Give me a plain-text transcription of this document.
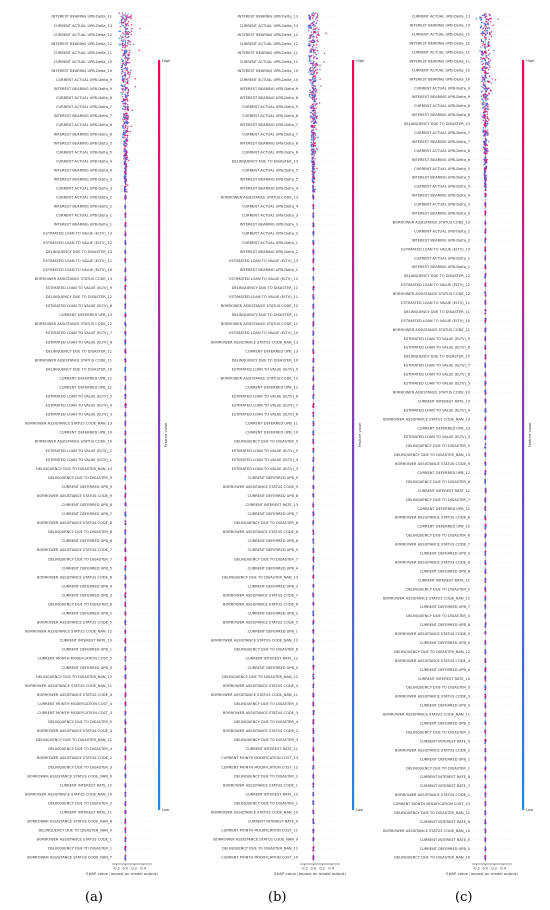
INTEREST BEARING UPB-Delta_11
CURRENT ACTUAL UPB-Delta_13
CURRENT ACTUAL UPB-Delta_12
INTEREST BEARING UPB-Delta_12
CURRENT ACTUAL UPB-Delta_11
CURRENT ACTUAL UPB-Delta_10
INTEREST BEARING UPB-Delta_10
CURRENT ACTUAL UPB-Delta_9
INTEREST BEARING UPB-Delta_9
CURRENT ACTUAL UPB-Delta_8
CURRENT ACTUAL UPB-Delta_7
INTEREST BEARING UPB-Delta_7
CURRENT ACTUAL UPB-Delta_6
INTEREST BEARING UPB-Delta_6
INTEREST BEARING UPB-Delta_5
CURRENT ACTUAL UPB-Delta_5
CURRENT ACTUAL UPB-Delta_4
INTEREST BEARING UPB-Delta_4
INTEREST BEARING UPB-Delta_3
CURRENT ACTUAL UPB-Delta_3
CURRENT ACTUAL UPB-Delta_2
INTEREST BEARING UPB-Delta_2
CURRENT ACTUAL UPB-Delta_1
INTEREST BEARING UPB-Delta_1
ESTIMATED LOAN TO VALUE (ELTV)_13
ESTIMATED LOAN TO VALUE (ELTV)_12
DELINQUENCY DUE TO DISASTER_13
ESTIMATED LOAN TO VALUE (ELTV)_11
ESTIMATED LOAN TO VALUE (ELTV)_10
BORROWER ASSISTANCE STATUS CODE_13
ESTIMATED LOAN TO VALUE (ELTV)_9
DELINQUENCY DUE TO DISASTER_12
ESTIMATED LOAN TO VALUE (ELTV)_8
CURRENT DEFERRED UPB_13
BORROWER ASSISTANCE STATUS CODE_12
ESTIMATED LOAN TO VALUE (ELTV)_7
ESTIMATED LOAN TO VALUE (ELTV)_6
DELINQUENCY DUE TO DISASTER_11
BORROWER ASSISTANCE STATUS CODE_11
DELINQUENCY DUE TO DISASTER_10
CURRENT DEFERRED UPB_12
CURRENT DEFERRED UPB_11
ESTIMATED LOAN TO VALUE (ELTV)_5
ESTIMATED LOAN TO VALUE (ELTV)_4
ESTIMATED LOAN TO VALUE (ELTV)_3
BORROWER ASSISTANCE STATUS CODE_NAN_13
CURRENT DEFERRED UPB_10
BORROWER ASSISTANCE STATUS CODE_10
ESTIMATED LOAN TO VALUE (ELTV)_2
ESTIMATED LOAN TO VALUE (ELTV)_1
DELINQUENCY DUE TO DISASTER_NAN_13
DELINQUENCY DUE TO DISASTER_9
CURRENT DEFERRED UPB_9
BORROWER ASSISTANCE STATUS CODE_9
CURRENT DEFERRED UPB_8
CURRENT DEFERRED UPB_7
BORROWER ASSISTANCE STATUS CODE_8
DELINQUENCY DUE TO DISASTER_8
CURRENT DEFERRED UPB_6
BORROWER ASSISTANCE STATUS CODE_7
DELINQUENCY DUE TO DISASTER_7
CURRENT DEFERRED UPB_5
BORROWER ASSISTANCE STATUS CODE_6
CURRENT DEFERRED UPB_4
CURRENT DEFERRED UPB_3
DELINQUENCY DUE TO DISASTER_6
CURRENT DEFERRED UPB_2
BORROWER ASSISTANCE STATUS CODE_5
BORROWER ASSISTANCE STATUS CODE_NAN_12
CURRENT INTEREST RATE_13
CURRENT DEFERRED UPB_1
CURRENT MONTH MODIFICATION COST_5
CURRENT DEFERRED UPB_0
DELINQUENCY DUE TO DISASTER_NAN_12
BORROWER ASSISTANCE STATUS CODE_NAN_11
BORROWER ASSISTANCE STATUS CODE_4
CURRENT MONTH MODIFICATION COST_4
CURRENT MONTH MODIFICATION COST_3
DELINQUENCY DUE TO DISASTER_5
BORROWER ASSISTANCE STATUS CODE_3
DELINQUENCY DUE TO DISASTER_NAN_11
DELINQUENCY DUE TO DISASTER_4
BORROWER ASSISTANCE STATUS CODE_2
DELINQUENCY DUE TO DISASTER_3
BORROWER ASSISTANCE STATUS CODE_NAN_9
CURRENT INTEREST RATE_12
BORROWER ASSISTANCE STATUS CODE_NAN_10
DELINQUENCY DUE TO DISASTER_2
CURRENT INTEREST RATE_11
BORROWER ASSISTANCE STATUS CODE_NAN_8
DELINQUENCY DUE TO DISASTER_NAN_9
BORROWER ASSISTANCE STATUS CODE_1
DELINQUENCY DUE TO DISASTER_1
BORROWER ASSISTANCE STATUS CODE_NAN_7
-0.2 0.0 0.2 0.4
SHAP value (impact on model output)
High
Low
Feature value
INTEREST BEARING UPB-Delta_13
CURRENT ACTUAL UPB-Delta_13
INTEREST BEARING UPB-Delta_12
CURRENT ACTUAL UPB-Delta_12
INTEREST BEARING UPB-Delta_11
CURRENT ACTUAL UPB-Delta_11
INTEREST BEARING UPB-Delta_10
CURRENT ACTUAL UPB-Delta_10
INTEREST BEARING UPB-Delta_9
INTEREST BEARING UPB-Delta_8
CURRENT ACTUAL UPB-Delta_9
CURRENT ACTUAL UPB-Delta_8
INTEREST BEARING UPB-Delta_7
CURRENT ACTUAL UPB-Delta_7
INTEREST BEARING UPB-Delta_6
CURRENT ACTUAL UPB-Delta_6
DELINQUENCY DUE TO DISASTER_13
CURRENT ACTUAL UPB-Delta_5
INTEREST BEARING UPB-Delta_5
INTEREST BEARING UPB-Delta_4
BORROWER ASSISTANCE STATUS CODE_13
CURRENT ACTUAL UPB-Delta_4
CURRENT ACTUAL UPB-Delta_3
INTEREST BEARING UPB-Delta_3
CURRENT ACTUAL UPB-Delta_2
CURRENT ACTUAL UPB-Delta_1
INTEREST BEARING UPB-Delta_2
ESTIMATED LOAN TO VALUE (ELTV)_13
INTEREST BEARING UPB-Delta_1
ESTIMATED LOAN TO VALUE (ELTV)_12
DELINQUENCY DUE TO DISASTER_12
ESTIMATED LOAN TO VALUE (ELTV)_11
BORROWER ASSISTANCE STATUS CODE_12
DELINQUENCY DUE TO DISASTER_11
BORROWER ASSISTANCE STATUS CODE_11
ESTIMATED LOAN TO VALUE (ELTV)_10
BORROWER ASSISTANCE STATUS CODE_NAN_13
CURRENT DEFERRED UPB_13
DELINQUENCY DUE TO DISASTER_10
ESTIMATED LOAN TO VALUE (ELTV)_9
BORROWER ASSISTANCE STATUS CODE_10
CURRENT DEFERRED UPB_12
ESTIMATED LOAN TO VALUE (ELTV)_8
ESTIMATED LOAN TO VALUE (ELTV)_7
ESTIMATED LOAN TO VALUE (ELTV)_6
CURRENT DEFERRED UPB_11
CURRENT DEFERRED UPB_10
DELINQUENCY DUE TO DISASTER_9
ESTIMATED LOAN TO VALUE (ELTV)_5
ESTIMATED LOAN TO VALUE (ELTV)_4
ESTIMATED LOAN TO VALUE (ELTV)_3
CURRENT DEFERRED UPB_9
BORROWER ASSISTANCE STATUS CODE_9
CURRENT DEFERRED UPB_8
CURRENT INTEREST RATE_13
CURRENT DEFERRED UPB_7
DELINQUENCY DUE TO DISASTER_8
BORROWER ASSISTANCE STATUS CODE_8
CURRENT DEFERRED UPB_6
CURRENT DEFERRED UPB_5
DELINQUENCY DUE TO DISASTER_7
CURRENT DEFERRED UPB_4
DELINQUENCY DUE TO DISASTER_NAN_13
CURRENT DEFERRED UPB_3
BORROWER ASSISTANCE STATUS CODE_7
BORROWER ASSISTANCE STATUS CODE_6
CURRENT DEFERRED UPB_2
BORROWER ASSISTANCE STATUS CODE_5
CURRENT DEFERRED UPB_1
BORROWER ASSISTANCE STATUS CODE_NAN_12
DELINQUENCY DUE TO DISASTER_6
CURRENT INTEREST RATE_12
CURRENT DEFERRED UPB_0
DELINQUENCY DUE TO DISASTER_NAN_12
BORROWER ASSISTANCE STATUS CODE_4
BORROWER ASSISTANCE STATUS CODE_NAN_11
DELINQUENCY DUE TO DISASTER_5
BORROWER ASSISTANCE STATUS CODE_3
DELINQUENCY DUE TO DISASTER_4
BORROWER ASSISTANCE STATUS CODE_2
DELINQUENCY DUE TO DISASTER_3
CURRENT INTEREST RATE_11
CURRENT MONTH MODIFICATION COST_13
CURRENT MONTH MODIFICATION COST_12
DELINQUENCY DUE TO DISASTER_2
BORROWER ASSISTANCE STATUS CODE_1
CURRENT INTEREST RATE_10
DELINQUENCY DUE TO DISASTER_1
BORROWER ASSISTANCE STATUS CODE_NAN_10
CURRENT INTEREST RATE_9
CURRENT MONTH MODIFICATION COST_11
BORROWER ASSISTANCE STATUS CODE_NAN_9
DELINQUENCY DUE TO DISASTER_NAN_11
CURRENT MONTH MODIFICATION COST_10
-0.2 0.0 0.2 0.4
SHAP value (impact on model output)
High
Low
Feature value
CURRENT ACTUAL UPB-Delta_13
INTEREST BEARING UPB-Delta_13
CURRENT ACTUAL UPB-Delta_12
INTEREST BEARING UPB-Delta_12
CURRENT ACTUAL UPB-Delta_11
INTEREST BEARING UPB-Delta_11
CURRENT ACTUAL UPB-Delta_10
INTEREST BEARING UPB-Delta_10
CURRENT ACTUAL UPB-Delta_9
INTEREST BEARING UPB-Delta_9
CURRENT ACTUAL UPB-Delta_8
INTEREST BEARING UPB-Delta_8
DELINQUENCY DUE TO DISASTER_13
CURRENT ACTUAL UPB-Delta_7
INTEREST BEARING UPB-Delta_7
CURRENT ACTUAL UPB-Delta_6
INTEREST BEARING UPB-Delta_6
CURRENT ACTUAL UPB-Delta_5
INTEREST BEARING UPB-Delta_5
CURRENT ACTUAL UPB-Delta_4
INTEREST BEARING UPB-Delta_4
CURRENT ACTUAL UPB-Delta_3
INTEREST BEARING UPB-Delta_3
BORROWER ASSISTANCE STATUS CODE_13
CURRENT ACTUAL UPB-Delta_2
INTEREST BEARING UPB-Delta_2
ESTIMATED LOAN TO VALUE (ELTV)_13
CURRENT ACTUAL UPB-Delta_1
INTEREST BEARING UPB-Delta_1
DELINQUENCY DUE TO DISASTER_12
ESTIMATED LOAN TO VALUE (ELTV)_12
BORROWER ASSISTANCE STATUS CODE_12
ESTIMATED LOAN TO VALUE (ELTV)_11
DELINQUENCY DUE TO DISASTER_11
ESTIMATED LOAN TO VALUE (ELTV)_10
BORROWER ASSISTANCE STATUS CODE_11
ESTIMATED LOAN TO VALUE (ELTV)_9
ESTIMATED LOAN TO VALUE (ELTV)_8
DELINQUENCY DUE TO DISASTER_10
ESTIMATED LOAN TO VALUE (ELTV)_7
ESTIMATED LOAN TO VALUE (ELTV)_6
ESTIMATED LOAN TO VALUE (ELTV)_5
BORROWER ASSISTANCE STATUS CODE_10
CURRENT INTEREST RATE_13
ESTIMATED LOAN TO VALUE (ELTV)_4
BORROWER ASSISTANCE STATUS CODE_NAN_13
CURRENT DEFERRED UPB_13
ESTIMATED LOAN TO VALUE (ELTV)_3
DELINQUENCY DUE TO DISASTER_9
DELINQUENCY DUE TO DISASTER_NAN_13
BORROWER ASSISTANCE STATUS CODE_9
CURRENT DEFERRED UPB_12
DELINQUENCY DUE TO DISASTER_8
CURRENT INTEREST RATE_12
DELINQUENCY DUE TO DISASTER_7
CURRENT DEFERRED UPB_11
BORROWER ASSISTANCE STATUS CODE_8
CURRENT DEFERRED UPB_10
DELINQUENCY DUE TO DISASTER_6
BORROWER ASSISTANCE STATUS CODE_7
CURRENT DEFERRED UPB_9
BORROWER ASSISTANCE STATUS CODE_6
CURRENT DEFERRED UPB_8
CURRENT INTEREST RATE_11
DELINQUENCY DUE TO DISASTER_5
BORROWER ASSISTANCE STATUS CODE_NAN_12
CURRENT DEFERRED UPB_7
DELINQUENCY DUE TO DISASTER_4
CURRENT DEFERRED UPB_6
BORROWER ASSISTANCE STATUS CODE_5
CURRENT DEFERRED UPB_5
DELINQUENCY DUE TO DISASTER_NAN_12
BORROWER ASSISTANCE STATUS CODE_4
CURRENT DEFERRED UPB_4
CURRENT INTEREST RATE_10
DELINQUENCY DUE TO DISASTER_3
BORROWER ASSISTANCE STATUS CODE_3
CURRENT DEFERRED UPB_3
BORROWER ASSISTANCE STATUS CODE_NAN_11
CURRENT DEFERRED UPB_2
DELINQUENCY DUE TO DISASTER_2
CURRENT INTEREST RATE_9
BORROWER ASSISTANCE STATUS CODE_2
CURRENT DEFERRED UPB_1
DELINQUENCY DUE TO DISASTER_1
CURRENT INTEREST RATE_8
CURRENT INTEREST RATE_7
BORROWER ASSISTANCE STATUS CODE_1
CURRENT MONTH MODIFICATION COST_13
DELINQUENCY DUE TO DISASTER_NAN_11
CURRENT INTEREST RATE_6
BORROWER ASSISTANCE STATUS CODE_NAN_10
CURRENT INTEREST RATE_5
CURRENT DEFERRED UPB_0
DELINQUENCY DUE TO DISASTER_NAN_10
-0.2 0.0 0.2 0.4
SHAP value (impact on model output)
High
Low
Feature value
(a)	(b)	(c)
